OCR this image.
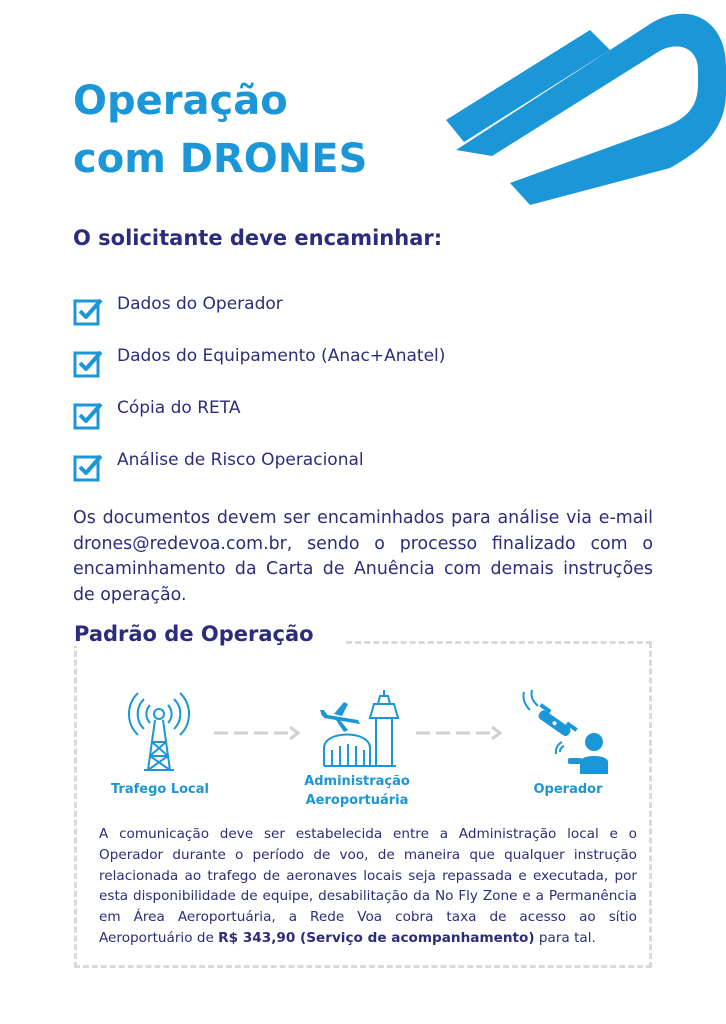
Operação
com DRONES
O solicitante deve encaminhar:
Dados do Operador
Dados do Equipamento (Anac+Anatel)
Cópia do RETA
Análise de Risco Operacional

Os documentos devem ser encaminhados para análise via e-mail drones@redevoa.com.br, sendo o processo finalizado com o encaminhamento da Carta de Anuência com demais instruções de operação.

Padrão de Operação
Trafego Local
Administração
Aeroportuária
Operador

A comunicação deve ser estabelecida entre a Administração local e o Operador durante o período de voo, de maneira que qualquer instrução relacionada ao trafego de aeronaves locais seja repassada e executada, por esta disponibilidade de equipe, desabilitação da No Fly Zone e a Permanência em Área Aeroportuária, a Rede Voa cobra taxa de acesso ao sítio Aeroportuário de R$ 343,90 (Serviço de acompanhamento) para tal.
